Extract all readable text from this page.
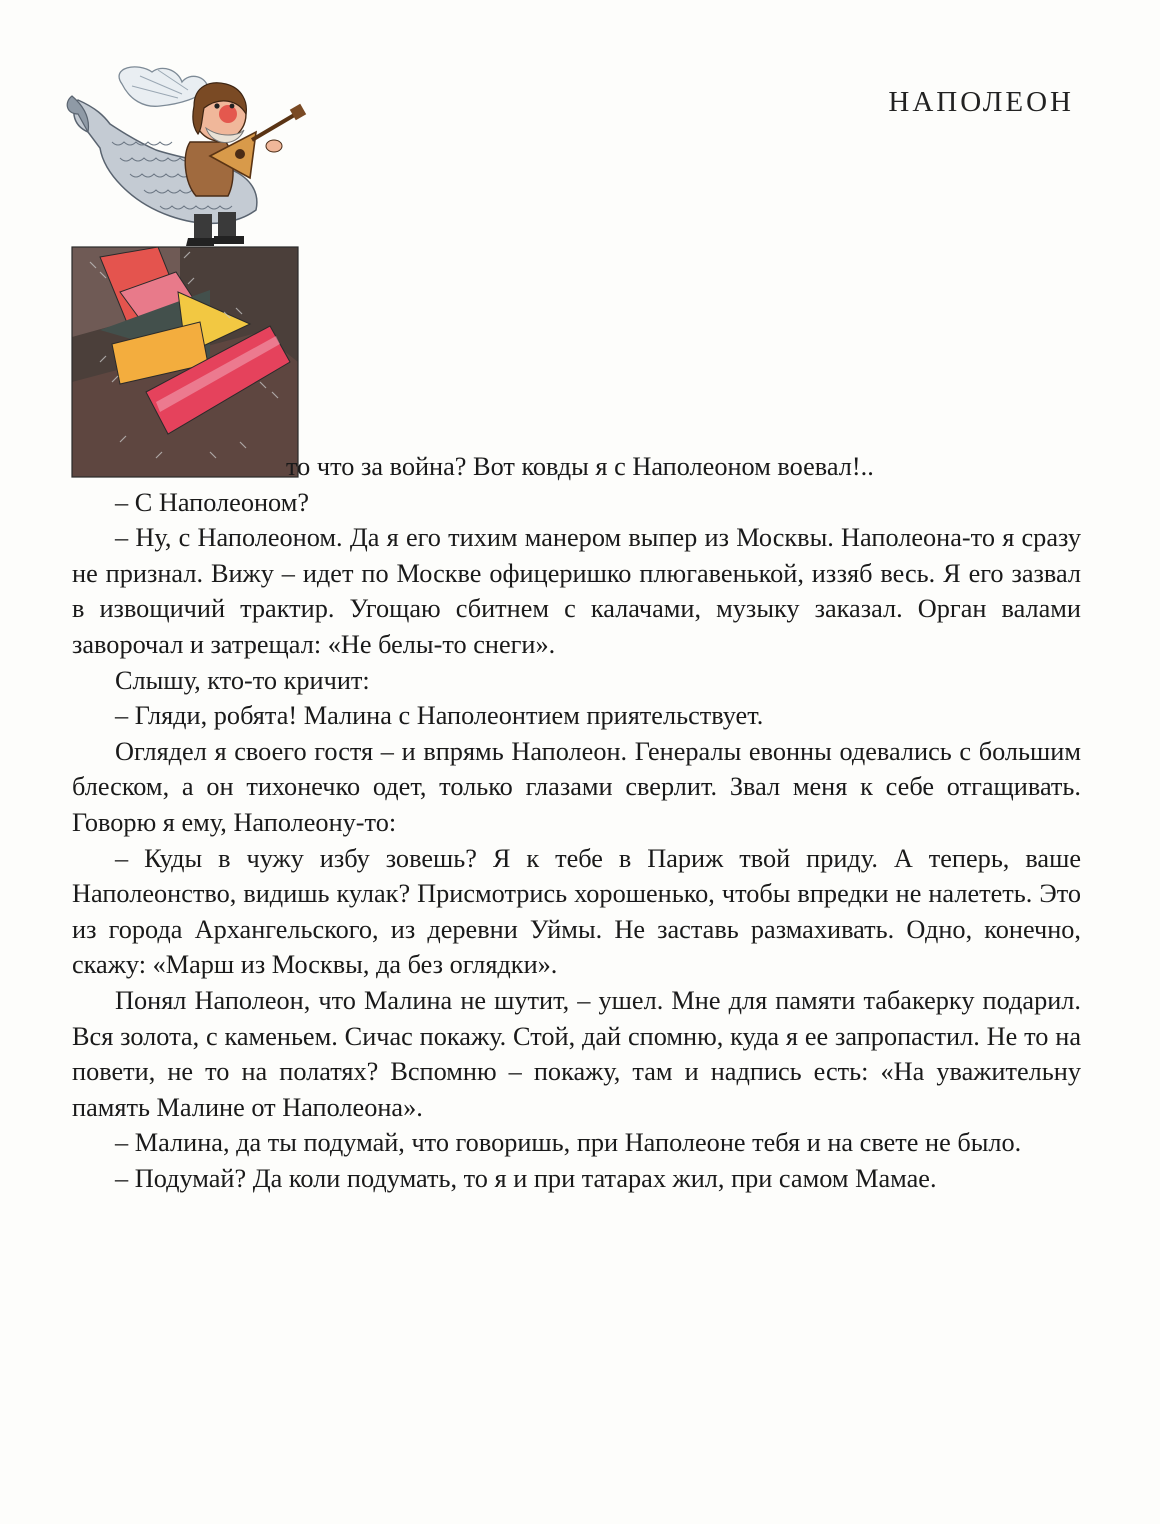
НАПОЛЕОН

то что за война? Вот ковды я с Наполеоном воевал!..

– С Наполеоном?

– Ну, с Наполеоном. Да я его тихим манером выпер из Москвы. Наполеона-то я сразу не признал. Вижу – идет по Москве офицеришко плюгавенькой, иззяб весь. Я его зазвал в извощичий трактир. Угощаю сбитнем с калачами, музыку заказал. Орган валами заворочал и затрещал: «Не белы-то снеги».

Слышу, кто-то кричит:

– Гляди, робята! Малина с Наполеонтием приятельствует.

Оглядел я своего гостя – и впрямь Наполеон. Генералы евонны одевались с большим блеском, а он тихонечко одет, только глазами сверлит. Звал меня к себе отгащивать. Говорю я ему, Наполеону-то:

– Куды в чужу избу зовешь? Я к тебе в Париж твой приду. А теперь, ваше Наполеонство, видишь кулак? Присмотрись хорошенько, чтобы впредки не налететь. Это из города Архангельского, из деревни Уймы. Не заставь размахивать. Одно, конечно, скажу: «Марш из Москвы, да без оглядки».

Понял Наполеон, что Малина не шутит, – ушел. Мне для памяти табакерку подарил. Вся золота, с каменьем. Сичас покажу. Стой, дай спомню, куда я ее запропастил. Не то на повети, не то на полатях? Вспомню – покажу, там и надпись есть: «На уважительну память Малине от Наполеона».

– Малина, да ты подумай, что говоришь, при Наполеоне тебя и на свете не было.

– Подумай? Да коли подумать, то я и при татарах жил, при самом Мамае.
